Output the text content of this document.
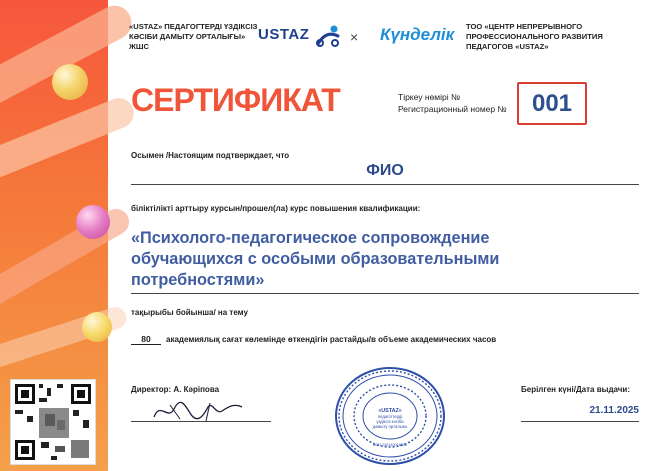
«USTAZ» ПЕДАГОГТЕРДІ ҮЗДІКСІЗ КӘСІБИ ДАМЫТУ ОРТАЛЫҒЫ» ЖШС
USTAZ	× Күнделік ТОО «ЦЕНТР НЕПРЕРЫВНОГО ПРОФЕССИОНАЛЬНОГО РАЗВИТИЯ ПЕДАГОГОВ «USTAZ»
СЕРТИФИКАТ	Тіркеу нөмірі №
Регистрационный номер №	001
Осымен /Настоящим подтверждает, что
ФИО
біліктілікті арттыру курсын/прошел(ла) курс повышения квалификации:
«Психолого-педагогическое сопровождение обучающихся с особыми образовательными потребностями»
тақырыбы бойынша/ на тему
80	академиялық сағат көлемінде өткендігін растайды/в объеме академических часов
Директор: А. Кәріпова
«USTAZ»
педагогтерді
үздіксіз кәсіби
дамыту орталығы
БСН 240140018526
Берілген күні/Дата выдачи:
21.11.2025
